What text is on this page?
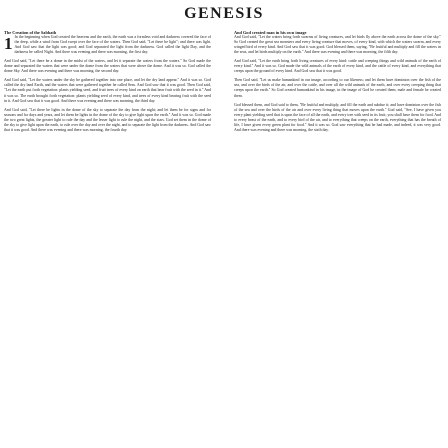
GENESIS

The Creation of the Sabbath

1 In the beginning when God created the heavens and the earth, the earth was a formless void and darkness covered the face of the deep, while a wind from God swept over the face of the waters. Then God said, "Let there be light"; and there was light. And God saw that the light was good; and God separated the light from the darkness. God called the light Day, and the darkness he called Night. And there was evening and there was morning, the first day.

And God said, "Let there be a dome in the midst of the waters, and let it separate the waters from the waters." So God made the dome and separated the waters that were under the dome from the waters that were above the dome. And it was so. God called the dome Sky. And there was evening and there was morning, the second day.

And God said, "Let the waters under the sky be gathered together into one place, and let the dry land appear." And it was so. God called the dry land Earth, and the waters that were gathered together he called Seas. And God saw that it was good. Then God said, "Let the earth put forth vegetation: plants yielding seed, and fruit trees of every kind on earth that bear fruit with the seed in it." And it was so. The earth brought forth vegetation: plants yielding seed of every kind, and trees of every kind bearing fruit with the seed in it. And God saw that it was good. And there was evening and there was morning, the third day.

And God said, "Let there be lights in the dome of the sky to separate the day from the night; and let them be for signs and for seasons and for days and years, and let them be lights in the dome of the sky to give light upon the earth." And it was so. God made the two great lights, the greater light to rule the day and the lesser light to rule the night, and the stars. God set them in the dome of the sky to give light upon the earth, to rule over the day and over the night, and to separate the light from the darkness. And God saw that it was good. And there was evening and there was morning, the fourth day.

And God created man in his own image

And God said, "Let the waters bring forth swarms of living creatures, and let birds fly above the earth across the dome of the sky." So God created the great sea monsters and every living creature that moves, of every kind, with which the waters swarm, and every winged bird of every kind. And God saw that it was good. God blessed them, saying, "Be fruitful and multiply and fill the waters in the seas, and let birds multiply on the earth." And there was evening and there was morning, the fifth day.

And God said, "Let the earth bring forth living creatures of every kind: cattle and creeping things and wild animals of the earth of every kind." And it was so. God made the wild animals of the earth of every kind, and the cattle of every kind, and everything that creeps upon the ground of every kind. And God saw that it was good.

Then God said, "Let us make humankind in our image, according to our likeness; and let them have dominion over the fish of the sea, and over the birds of the air, and over the cattle, and over all the wild animals of the earth, and over every creeping thing that creeps upon the earth." So God created humankind in his image, in the image of God he created them; male and female he created them.

God blessed them, and God said to them, "Be fruitful and multiply, and fill the earth and subdue it; and have dominion over the fish of the sea and over the birds of the air and over every living thing that moves upon the earth." God said, "See, I have given you every plant yielding seed that is upon the face of all the earth, and every tree with seed in its fruit; you shall have them for food. And to every beast of the earth, and to every bird of the air, and to everything that creeps on the earth, everything that has the breath of life, I have given every green plant for food." And it was so. God saw everything that he had made, and indeed, it was very good. And there was evening and there was morning, the sixth day.
